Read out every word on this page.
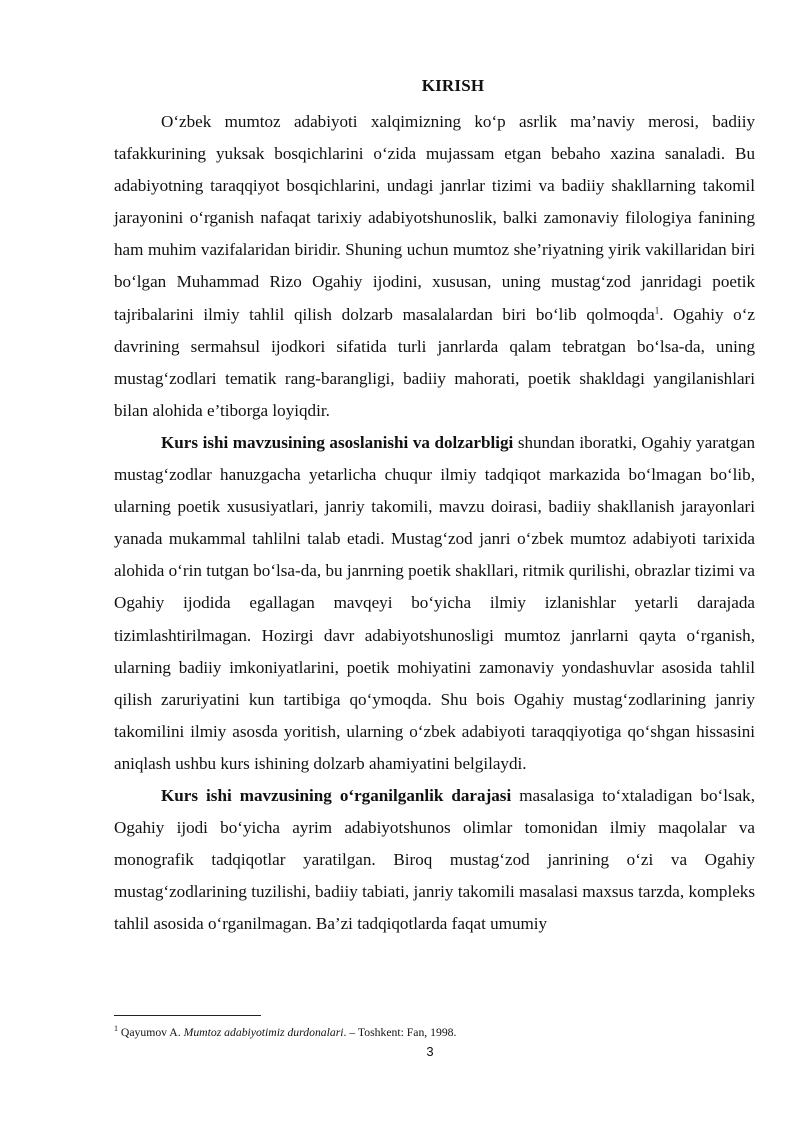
KIRISH

O‘zbek mumtoz adabiyoti xalqimizning ko‘p asrlik ma’naviy merosi, badiiy tafakkurining yuksak bosqichlarini o‘zida mujassam etgan bebaho xazina sanaladi. Bu adabiyotning taraqqiyot bosqichlarini, undagi janrlar tizimi va badiiy shakllarning takomil jarayonini o‘rganish nafaqat tarixiy adabiyotshunoslik, balki zamonaviy filologiya fanining ham muhim vazifalaridan biridir. Shuning uchun mumtoz she’riyatning yirik vakillaridan biri bo‘lgan Muhammad Rizo Ogahiy ijodini, xususan, uning mustag‘zod janridagi poetik tajribalarini ilmiy tahlil qilish dolzarb masalalardan biri bo‘lib qolmoqda$^1$. Ogahiy o‘z davrining sermahsul ijodkori sifatida turli janrlarda qalam tebratgan bo‘lsa-da, uning mustag‘zodlari tematik rang-barangligi, badiiy mahorati, poetik shakldagi yangilanishlari bilan alohida e’tiborga loyiqdir.

Kurs ishi mavzusining asoslanishi va dolzarbligi shundan iboratki, Ogahiy yaratgan mustag‘zodlar hanuzgacha yetarlicha chuqur ilmiy tadqiqot markazida bo‘lmagan bo‘lib, ularning poetik xususiyatlari, janriy takomili, mavzu doirasi, badiiy shakllanish jarayonlari yanada mukammal tahlilni talab etadi. Mustag‘zod janri o‘zbek mumtoz adabiyoti tarixida alohida o‘rin tutgan bo‘lsa-da, bu janrning poetik shakllari, ritmik qurilishi, obrazlar tizimi va Ogahiy ijodida egallagan mavqeyi bo‘yicha ilmiy izlanishlar yetarli darajada tizimlashtirilmagan. Hozirgi davr adabiyotshunosligi mumtoz janrlarni qayta o‘rganish, ularning badiiy imkoniyatlarini, poetik mohiyatini zamonaviy yondashuvlar asosida tahlil qilish zaruriyatini kun tartibiga qo‘ymoqda. Shu bois Ogahiy mustag‘zodlarining janriy takomilini ilmiy asosda yoritish, ularning o‘zbek adabiyoti taraqqiyotiga qo‘shgan hissasini aniqlash ushbu kurs ishining dolzarb ahamiyatini belgilaydi.

Kurs ishi mavzusining o‘rganilganlik darajasi masalasiga to‘xtaladigan bo‘lsak, Ogahiy ijodi bo‘yicha ayrim adabiyotshunos olimlar tomonidan ilmiy maqolalar va monografik tadqiqotlar yaratilgan. Biroq mustag‘zod janrining o‘zi va Ogahiy mustag‘zodlarining tuzilishi, badiiy tabiati, janriy takomili masalasi maxsus tarzda, kompleks tahlil asosida o‘rganilmagan. Ba’zi tadqiqotlarda faqat umumiy

$^1$ Qayumov A. Mumtoz adabiyotimiz durdonalari. – Toshkent: Fan, 1998.
3
